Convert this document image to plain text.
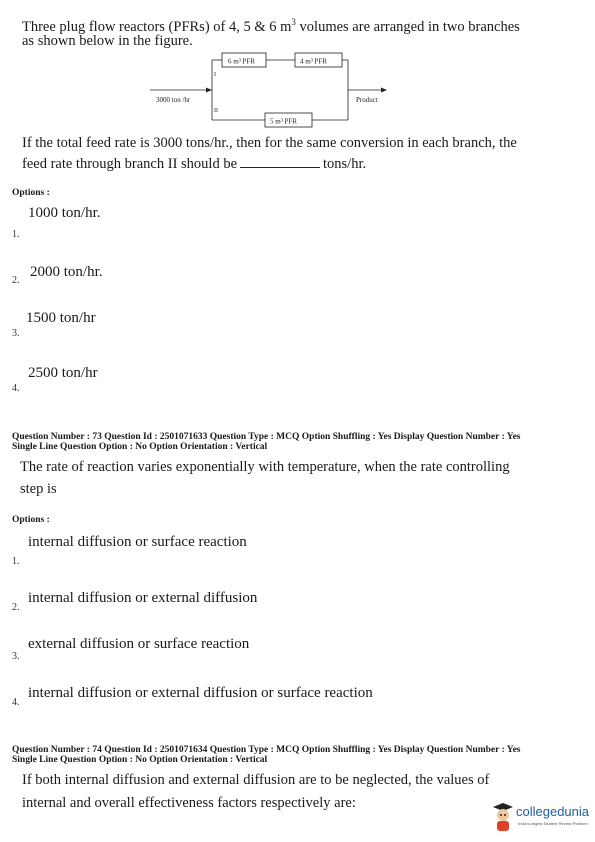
Three plug flow reactors (PFRs) of 4, 5 & 6 $m^3$ volumes are arranged in two branches
as shown below in the figure.
6 m³ PFR	4 m³ PFR
5 m³ PFR
3000 ton /hr
I
II
Product
If the total feed rate is 3000 tons/hr., then for the same conversion in each branch, the
feed rate through branch II should be	tons/hr.
Options :
1000 ton/hr.
1.
2.
2000 ton/hr.
1500 ton/hr
3.
2500 ton/hr
4.
Question Number : 73 Question Id : 2501071633 Question Type : MCQ Option Shuffling : Yes Display Question Number : Yes
Single Line Question Option : No Option Orientation : Vertical
The rate of reaction varies exponentially with temperature, when the rate controlling
step is
Options :
internal diffusion or surface reaction
1.
internal diffusion or external diffusion
2.
external diffusion or surface reaction
3.
internal diffusion or external diffusion or surface reaction
4.
Question Number : 74 Question Id : 2501071634 Question Type : MCQ Option Shuffling : Yes Display Question Number : Yes
Single Line Question Option : No Option Orientation : Vertical
If both internal diffusion and external diffusion are to be neglected, the values of
internal and overall effectiveness factors respectively are:
collegedunia
India's largest Student Review Platform
